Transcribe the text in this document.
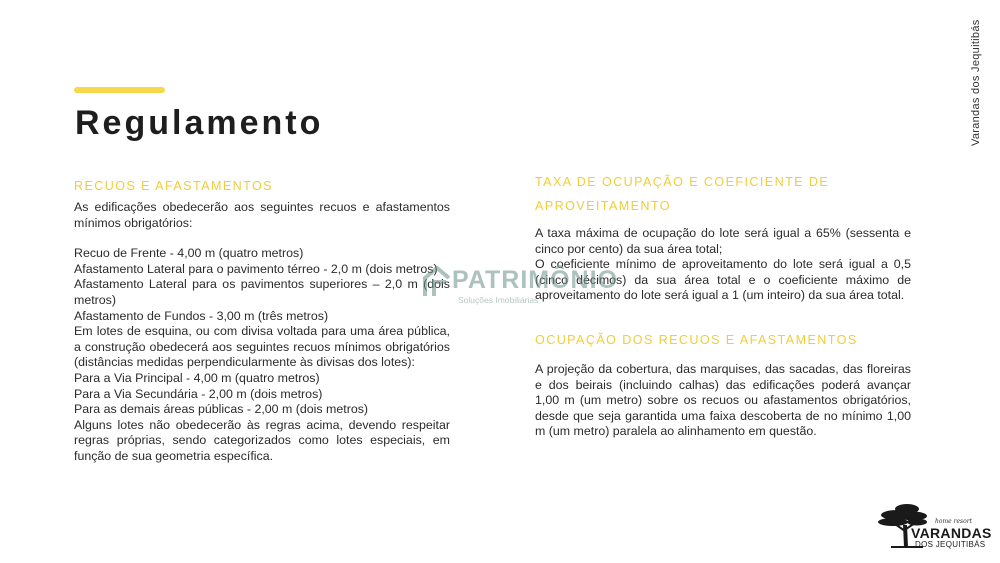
Regulamento	Varandas dos Jequitibás

RECUOS E AFASTAMENTOS

As edificações obedecerão aos seguintes recuos e afastamentos mínimos obrigatórios:

Recuo de Frente - 4,00 m (quatro metros)

Afastamento Lateral para o pavimento térreo - 2,0 m (dois metros)

Afastamento Lateral para os pavimentos superiores – 2,0 m (dois metros)

Afastamento de Fundos - 3,00 m (três metros)

Em lotes de esquina, ou com divisa voltada para uma área pública, a construção obedecerá aos seguintes recuos mínimos obrigatórios (distâncias medidas perpendicularmente às divisas dos lotes):

Para a Via Principal - 4,00 m (quatro metros)

Para a Via Secundária - 2,00 m (dois metros)

Para as demais áreas públicas - 2,00 m (dois metros)

Alguns lotes não obedecerão às regras acima, devendo respeitar regras próprias, sendo categorizados como lotes especiais, em função de sua geometria específica.

TAXA DE OCUPAÇÃO E COEFICIENTE DE APROVEITAMENTO

A taxa máxima de ocupação do lote será igual a 65% (sessenta e cinco por cento) da sua área total;

O coeficiente mínimo de aproveitamento do lote será igual a 0,5 (cinco décimos) da sua área total e o coeficiente máximo de aproveitamento do lote será igual a 1 (um inteiro) da sua área total.

OCUPAÇÃO DOS RECUOS E AFASTAMENTOS

A projeção da cobertura, das marquises, das sacadas, das floreiras e dos beirais (incluindo calhas) das edificações poderá avançar 1,00 m (um metro) sobre os recuos ou afastamentos obrigatórios, desde que seja garantida uma faixa descoberta de no mínimo 1,00 m (um metro) paralela ao alinhamento em questão.

PATRIMÔNIO
Soluções Imobiliárias
home resort
VARANDAS
DOS JEQUITIBÁS
